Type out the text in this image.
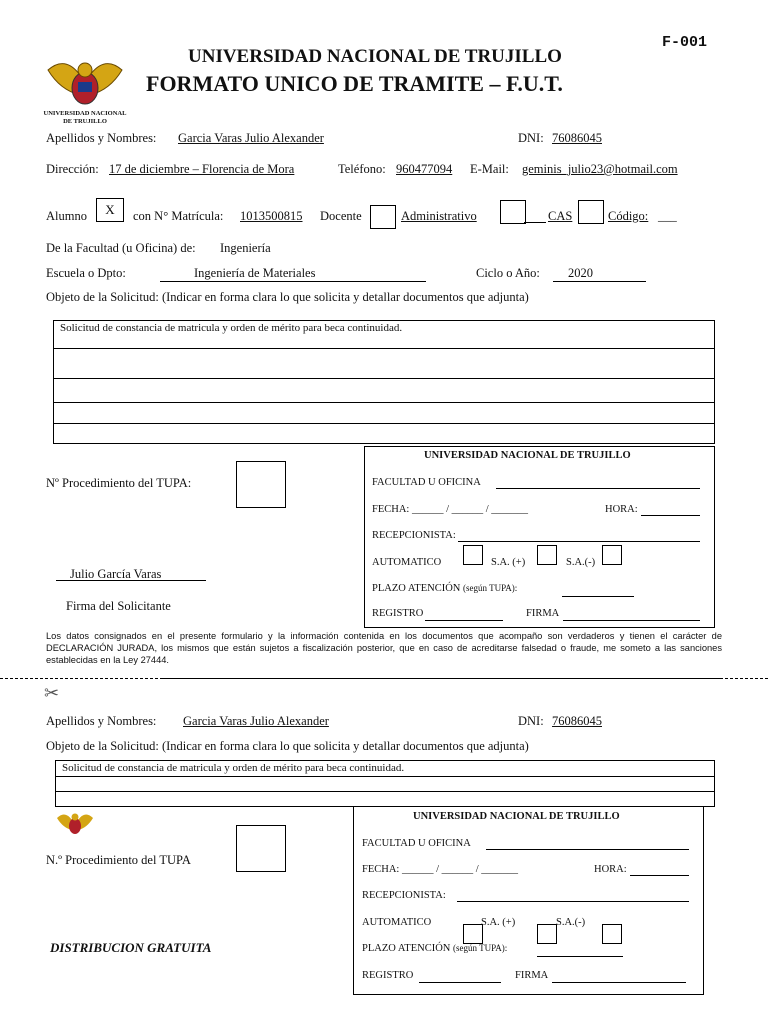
F-001
UNIVERSIDAD NACIONAL DE TRUJILLO
UNIVERSIDAD NACIONAL DE TRUJILLO
FORMATO UNICO DE TRAMITE – F.U.T.
Apellidos y Nombres: Garcia Varas Julio Alexander	DNI: 76086045
Dirección: 17 de diciembre – Florencia de Mora	Teléfono: 960477094 E-Mail: geminis_julio23@hotmail.com
Alumno	X	con N° Matrícula: 1013500815 Docente	Administrativo	CAS	Código: ___
De la Facultad (u Oficina) de: Ingeniería
Escuela o Dpto:	Ingeniería de Materiales	Ciclo o Año: 2020
Objeto de la Solicitud: (Indicar en forma clara lo que solicita y detallar documentos que adjunta)
Solicitud de constancia de matricula y orden de mérito para beca continuidad.
Nº Procedimiento del TUPA:
Julio García Varas
Firma del Solicitante
UNIVERSIDAD NACIONAL DE TRUJILLO
FACULTAD U OFICINA
FECHA: ______ / ______ / _______	HORA:
RECEPCIONISTA:
AUTOMATICO	S.A. (+)	S.A.(-)
PLAZO ATENCIÓN (según TUPA):
REGISTRO	FIRMA
Los datos consignados en el presente formulario y la información contenida en los documentos que acompaño son verdaderos y tienen el carácter de DECLARACIÓN JURADA, los mismos que están sujetos a fiscalización posterior, que en caso de acreditarse falsedad o fraude, me someto a las sanciones establecidas en la Ley 27444.
✂
Apellidos y Nombres: Garcia Varas Julio Alexander	DNI: 76086045
Objeto de la Solicitud: (Indicar en forma clara lo que solicita y detallar documentos que adjunta)
Solicitud de constancia de matricula y orden de mérito para beca continuidad.
N.º Procedimiento del TUPA
DISTRIBUCION GRATUITA
UNIVERSIDAD NACIONAL DE TRUJILLO
FACULTAD U OFICINA
FECHA: ______ / ______ / _______	HORA:
RECEPCIONISTA:
AUTOMATICO	S.A. (+)	S.A.(-)
PLAZO ATENCIÓN (según TUPA):
REGISTRO	FIRMA
